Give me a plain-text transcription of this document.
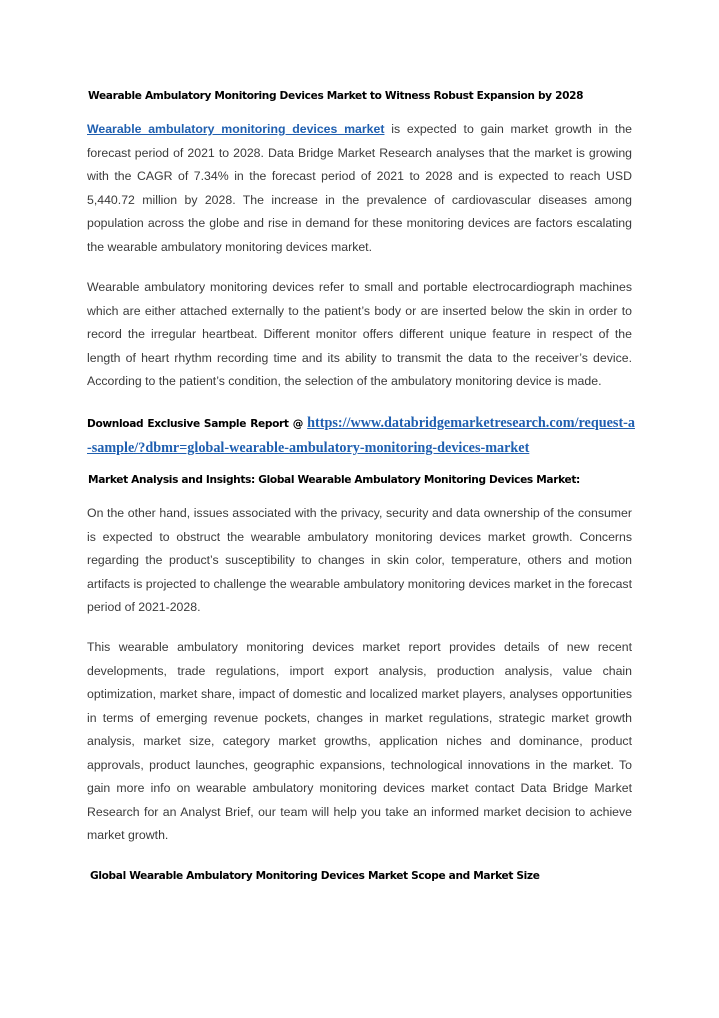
Wearable Ambulatory Monitoring Devices Market to Witness Robust Expansion by 2028

Wearable ambulatory monitoring devices market is expected to gain market growth in the forecast period of 2021 to 2028. Data Bridge Market Research analyses that the market is growing with the CAGR of 7.34% in the forecast period of 2021 to 2028 and is expected to reach USD 5,440.72 million by 2028. The increase in the prevalence of cardiovascular diseases among population across the globe and rise in demand for these monitoring devices are factors escalating the wearable ambulatory monitoring devices market.

Wearable ambulatory monitoring devices refer to small and portable electrocardiograph machines which are either attached externally to the patient’s body or are inserted below the skin in order to record the irregular heartbeat. Different monitor offers different unique feature in respect of the length of heart rhythm recording time and its ability to transmit the data to the receiver’s device. According to the patient’s condition, the selection of the ambulatory monitoring device is made.

Download Exclusive Sample Report @ https://www.databridgemarketresearch.com/request-a-sample/?dbmr=global-wearable-ambulatory-monitoring-devices-market

Market Analysis and Insights: Global Wearable Ambulatory Monitoring Devices Market:

On the other hand, issues associated with the privacy, security and data ownership of the consumer is expected to obstruct the wearable ambulatory monitoring devices market growth. Concerns regarding the product’s susceptibility to changes in skin color, temperature, others and motion artifacts is projected to challenge the wearable ambulatory monitoring devices market in the forecast period of 2021-2028.

This wearable ambulatory monitoring devices market report provides details of new recent developments, trade regulations, import export analysis, production analysis, value chain optimization, market share, impact of domestic and localized market players, analyses opportunities in terms of emerging revenue pockets, changes in market regulations, strategic market growth analysis, market size, category market growths, application niches and dominance, product approvals, product launches, geographic expansions, technological innovations in the market. To gain more info on wearable ambulatory monitoring devices market contact Data Bridge Market Research for an Analyst Brief, our team will help you take an informed market decision to achieve market growth.

Global Wearable Ambulatory Monitoring Devices Market Scope and Market Size
